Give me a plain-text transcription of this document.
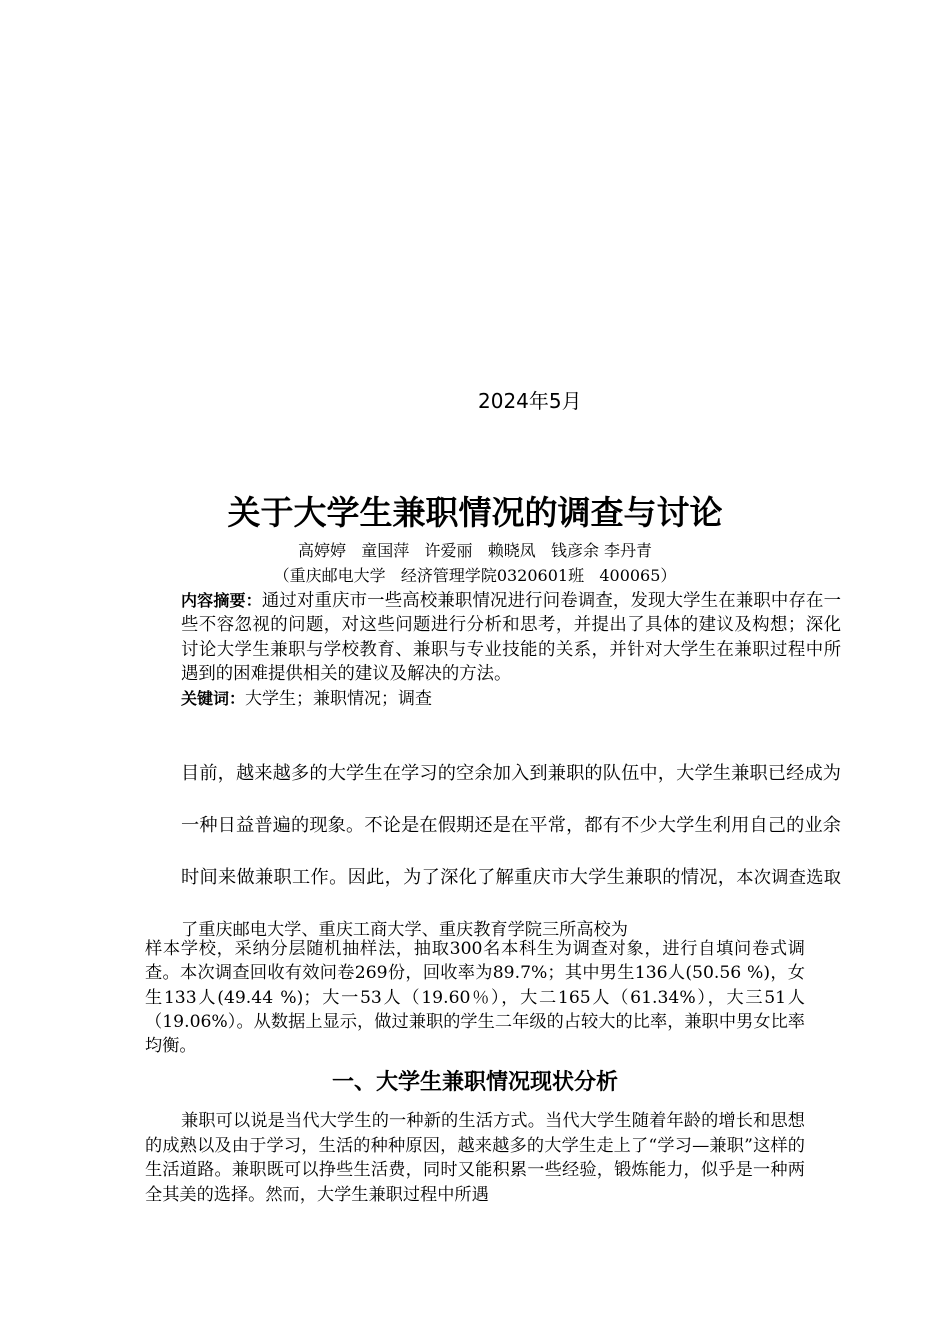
2024年5月
关于大学生兼职情况的调查与讨论
高婷婷   童国萍   许爱丽   赖晓凤   钱彦余 李丹青
（重庆邮电大学   经济管理学院0320601班   400065）

内容摘要：通过对重庆市一些高校兼职情况进行问卷调查，发现大学生在兼职中存在一些不容忽视的问题，对这些问题进行分析和思考，并提出了具体的建议及构想；深化讨论大学生兼职与学校教育、兼职与专业技能的关系，并针对大学生在兼职过程中所遇到的困难提供相关的建议及解决的方法。

关键词：大学生；兼职情况；调查

目前，越来越多的大学生在学习的空余加入到兼职的队伍中，大学生兼职已经成为一种日益普遍的现象。不论是在假期还是在平常，都有不少大学生利用自己的业余时间来做兼职工作。因此，为了深化了解重庆市大学生兼职的情况，本次调查选取了重庆邮电大学、重庆工商大学、重庆教育学院三所高校为

样本学校，采纳分层随机抽样法，抽取300名本科生为调查对象，进行自填问卷式调查。本次调查回收有效问卷269份，回收率为89.7%；其中男生136人(50.56 %)，女生133人(49.44 %)；大一53人（19.60％），大二165人（61.34%），大三51人（19.06%）。从数据上显示，做过兼职的学生二年级的占较大的比率，兼职中男女比率均衡。

一、大学生兼职情况现状分析

兼职可以说是当代大学生的一种新的生活方式。当代大学生随着年龄的增长和思想的成熟以及由于学习，生活的种种原因，越来越多的大学生走上了“学习—兼职”这样的生活道路。兼职既可以挣些生活费，同时又能积累一些经验，锻炼能力，似乎是一种两全其美的选择。然而，大学生兼职过程中所遇
